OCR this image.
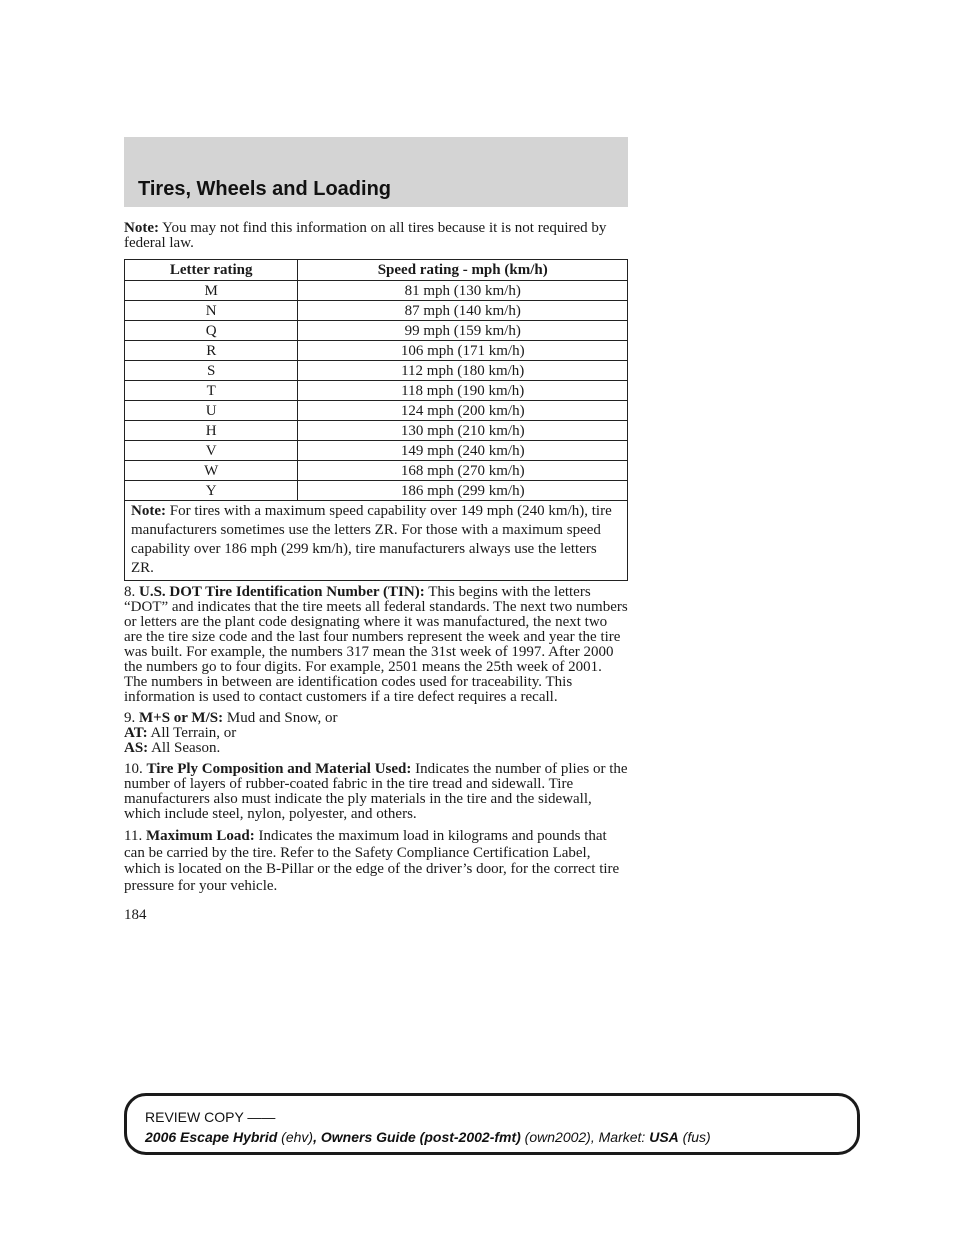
Tires, Wheels and Loading

Note: You may not find this information on all tires because it is not required by federal law.

Letter rating	Speed rating - mph (km/h)
M	81 mph (130 km/h)
N	87 mph (140 km/h)
Q	99 mph (159 km/h)
R	106 mph (171 km/h)
S	112 mph (180 km/h)
T	118 mph (190 km/h)
U	124 mph (200 km/h)
H	130 mph (210 km/h)
V	149 mph (240 km/h)
W	168 mph (270 km/h)
Y	186 mph (299 km/h)
Note: For tires with a maximum speed capability over 149 mph (240 km/h), tire manufacturers sometimes use the letters ZR. For those with a maximum speed capability over 186 mph (299 km/h), tire manufacturers always use the letters ZR.	

8. U.S. DOT Tire Identification Number (TIN): This begins with the letters “DOT” and indicates that the tire meets all federal standards. The next two numbers or letters are the plant code designating where it was manufactured, the next two are the tire size code and the last four numbers represent the week and year the tire was built. For example, the numbers 317 mean the 31st week of 1997. After 2000 the numbers go to four digits. For example, 2501 means the 25th week of 2001. The numbers in between are identification codes used for traceability. This information is used to contact customers if a tire defect requires a recall.

9. M+S or M/S: Mud and Snow, or
AT: All Terrain, or
AS: All Season.

10. Tire Ply Composition and Material Used: Indicates the number of plies or the number of layers of rubber-coated fabric in the tire tread and sidewall. Tire manufacturers also must indicate the ply materials in the tire and the sidewall, which include steel, nylon, polyester, and others.

11. Maximum Load: Indicates the maximum load in kilograms and pounds that can be carried by the tire. Refer to the Safety Compliance Certification Label, which is located on the B-Pillar or the edge of the driver’s door, for the correct tire pressure for your vehicle.

184

REVIEW COPY ——
2006 Escape Hybrid (ehv), Owners Guide (post-2002-fmt) (own2002), Market: USA (fus)
